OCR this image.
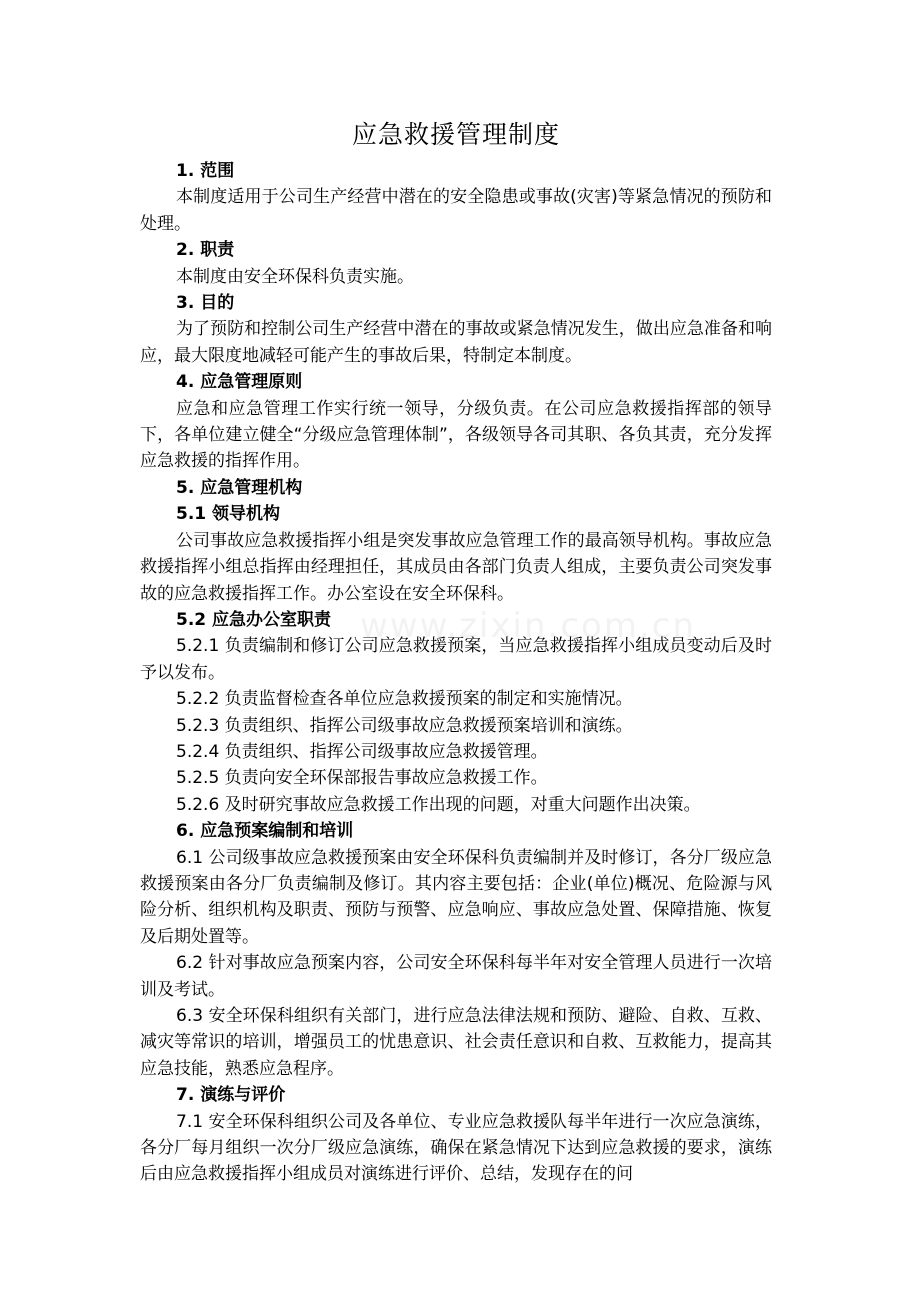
www.zixin.com.cn
应急救援管理制度

1. 范围

本制度适用于公司生产经营中潜在的安全隐患或事故(灾害)等紧急情况的预防和处理。

2. 职责

本制度由安全环保科负责实施。

3. 目的

为了预防和控制公司生产经营中潜在的事故或紧急情况发生，做出应急准备和响应，最大限度地减轻可能产生的事故后果，特制定本制度。

4. 应急管理原则

应急和应急管理工作实行统一领导，分级负责。在公司应急救援指挥部的领导下，各单位建立健全“分级应急管理体制”，各级领导各司其职、各负其责，充分发挥应急救援的指挥作用。

5. 应急管理机构

5.1 领导机构

公司事故应急救援指挥小组是突发事故应急管理工作的最高领导机构。事故应急救援指挥小组总指挥由经理担任，其成员由各部门负责人组成，主要负责公司突发事故的应急救援指挥工作。办公室设在安全环保科。

5.2 应急办公室职责

5.2.1 负责编制和修订公司应急救援预案，当应急救援指挥小组成员变动后及时予以发布。

5.2.2 负责监督检查各单位应急救援预案的制定和实施情况。

5.2.3 负责组织、指挥公司级事故应急救援预案培训和演练。

5.2.4 负责组织、指挥公司级事故应急救援管理。

5.2.5 负责向安全环保部报告事故应急救援工作。

5.2.6 及时研究事故应急救援工作出现的问题，对重大问题作出决策。

6. 应急预案编制和培训

6.1 公司级事故应急救援预案由安全环保科负责编制并及时修订，各分厂级应急救援预案由各分厂负责编制及修订。其内容主要包括：企业(单位)概况、危险源与风险分析、组织机构及职责、预防与预警、应急响应、事故应急处置、保障措施、恢复及后期处置等。

6.2 针对事故应急预案内容，公司安全环保科每半年对安全管理人员进行一次培训及考试。

6.3 安全环保科组织有关部门，进行应急法律法规和预防、避险、自救、互救、减灾等常识的培训，增强员工的忧患意识、社会责任意识和自救、互救能力，提高其应急技能，熟悉应急程序。

7. 演练与评价

7.1 安全环保科组织公司及各单位、专业应急救援队每半年进行一次应急演练，各分厂每月组织一次分厂级应急演练，确保在紧急情况下达到应急救援的要求，演练后由应急救援指挥小组成员对演练进行评价、总结，发现存在的问
